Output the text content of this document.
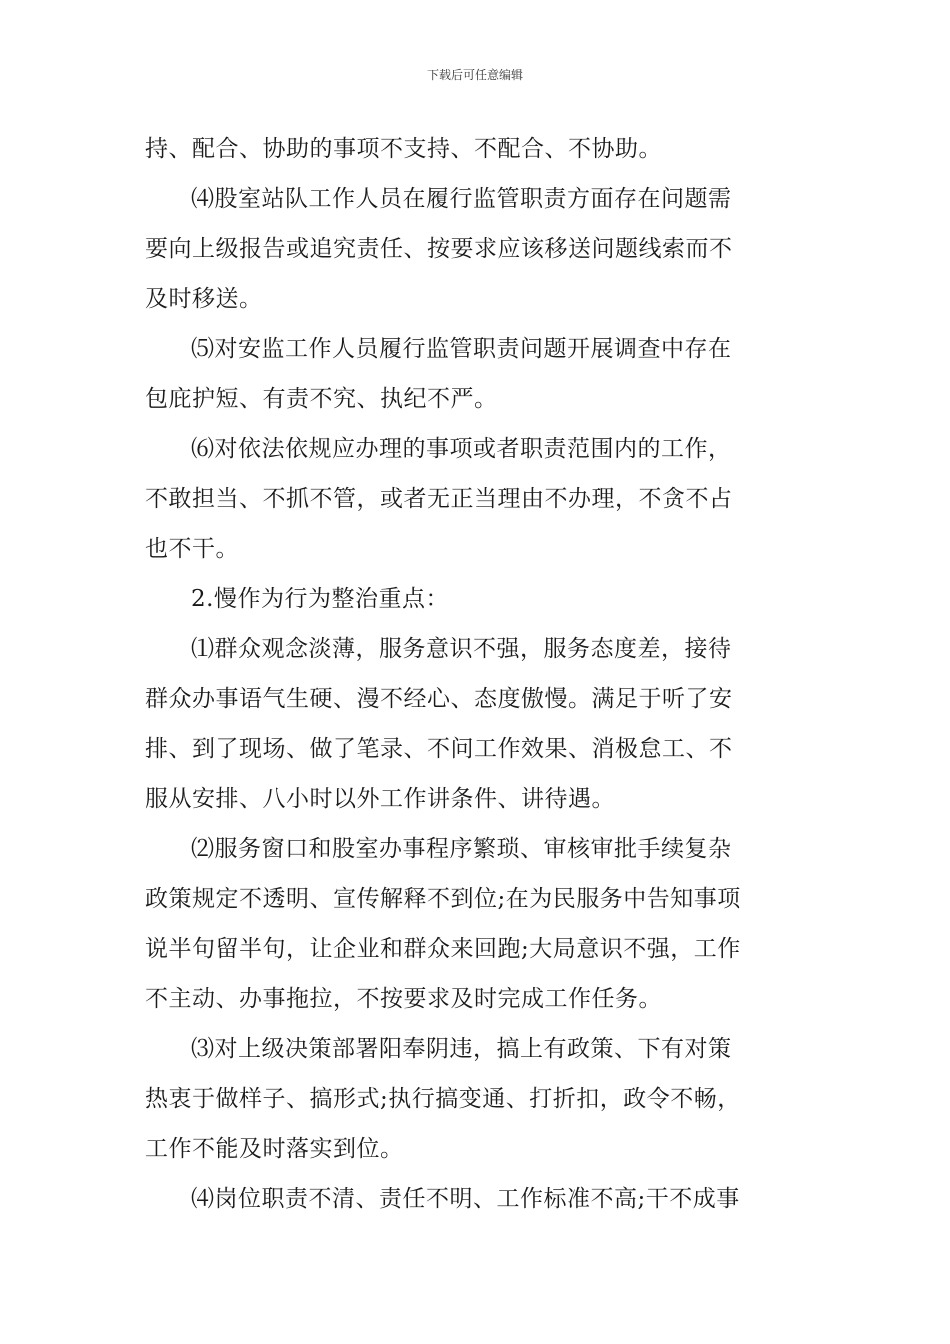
下载后可任意编辑
持、配合、协助的事项不支持、不配合、不协助。
⑷股室站队工作人员在履行监管职责方面存在问题需
要向上级报告或追究责任、按要求应该移送问题线索而不
及时移送。
⑸对安监工作人员履行监管职责问题开展调查中存在
包庇护短、有责不究、执纪不严。
⑹对依法依规应办理的事项或者职责范围内的工作，
不敢担当、不抓不管，或者无正当理由不办理，不贪不占
也不干。
2.慢作为行为整治重点：
⑴群众观念淡薄，服务意识不强，服务态度差，接待
群众办事语气生硬、漫不经心、态度傲慢。满足于听了安
排、到了现场、做了笔录、不问工作效果、消极怠工、不
服从安排、八小时以外工作讲条件、讲待遇。
⑵服务窗口和股室办事程序繁琐、审核审批手续复杂
政策规定不透明、宣传解释不到位;在为民服务中告知事项
说半句留半句，让企业和群众来回跑;大局意识不强，工作
不主动、办事拖拉，不按要求及时完成工作任务。
⑶对上级决策部署阳奉阴违，搞上有政策、下有对策
热衷于做样子、搞形式;执行搞变通、打折扣，政令不畅，
工作不能及时落实到位。
⑷岗位职责不清、责任不明、工作标准不高;干不成事
